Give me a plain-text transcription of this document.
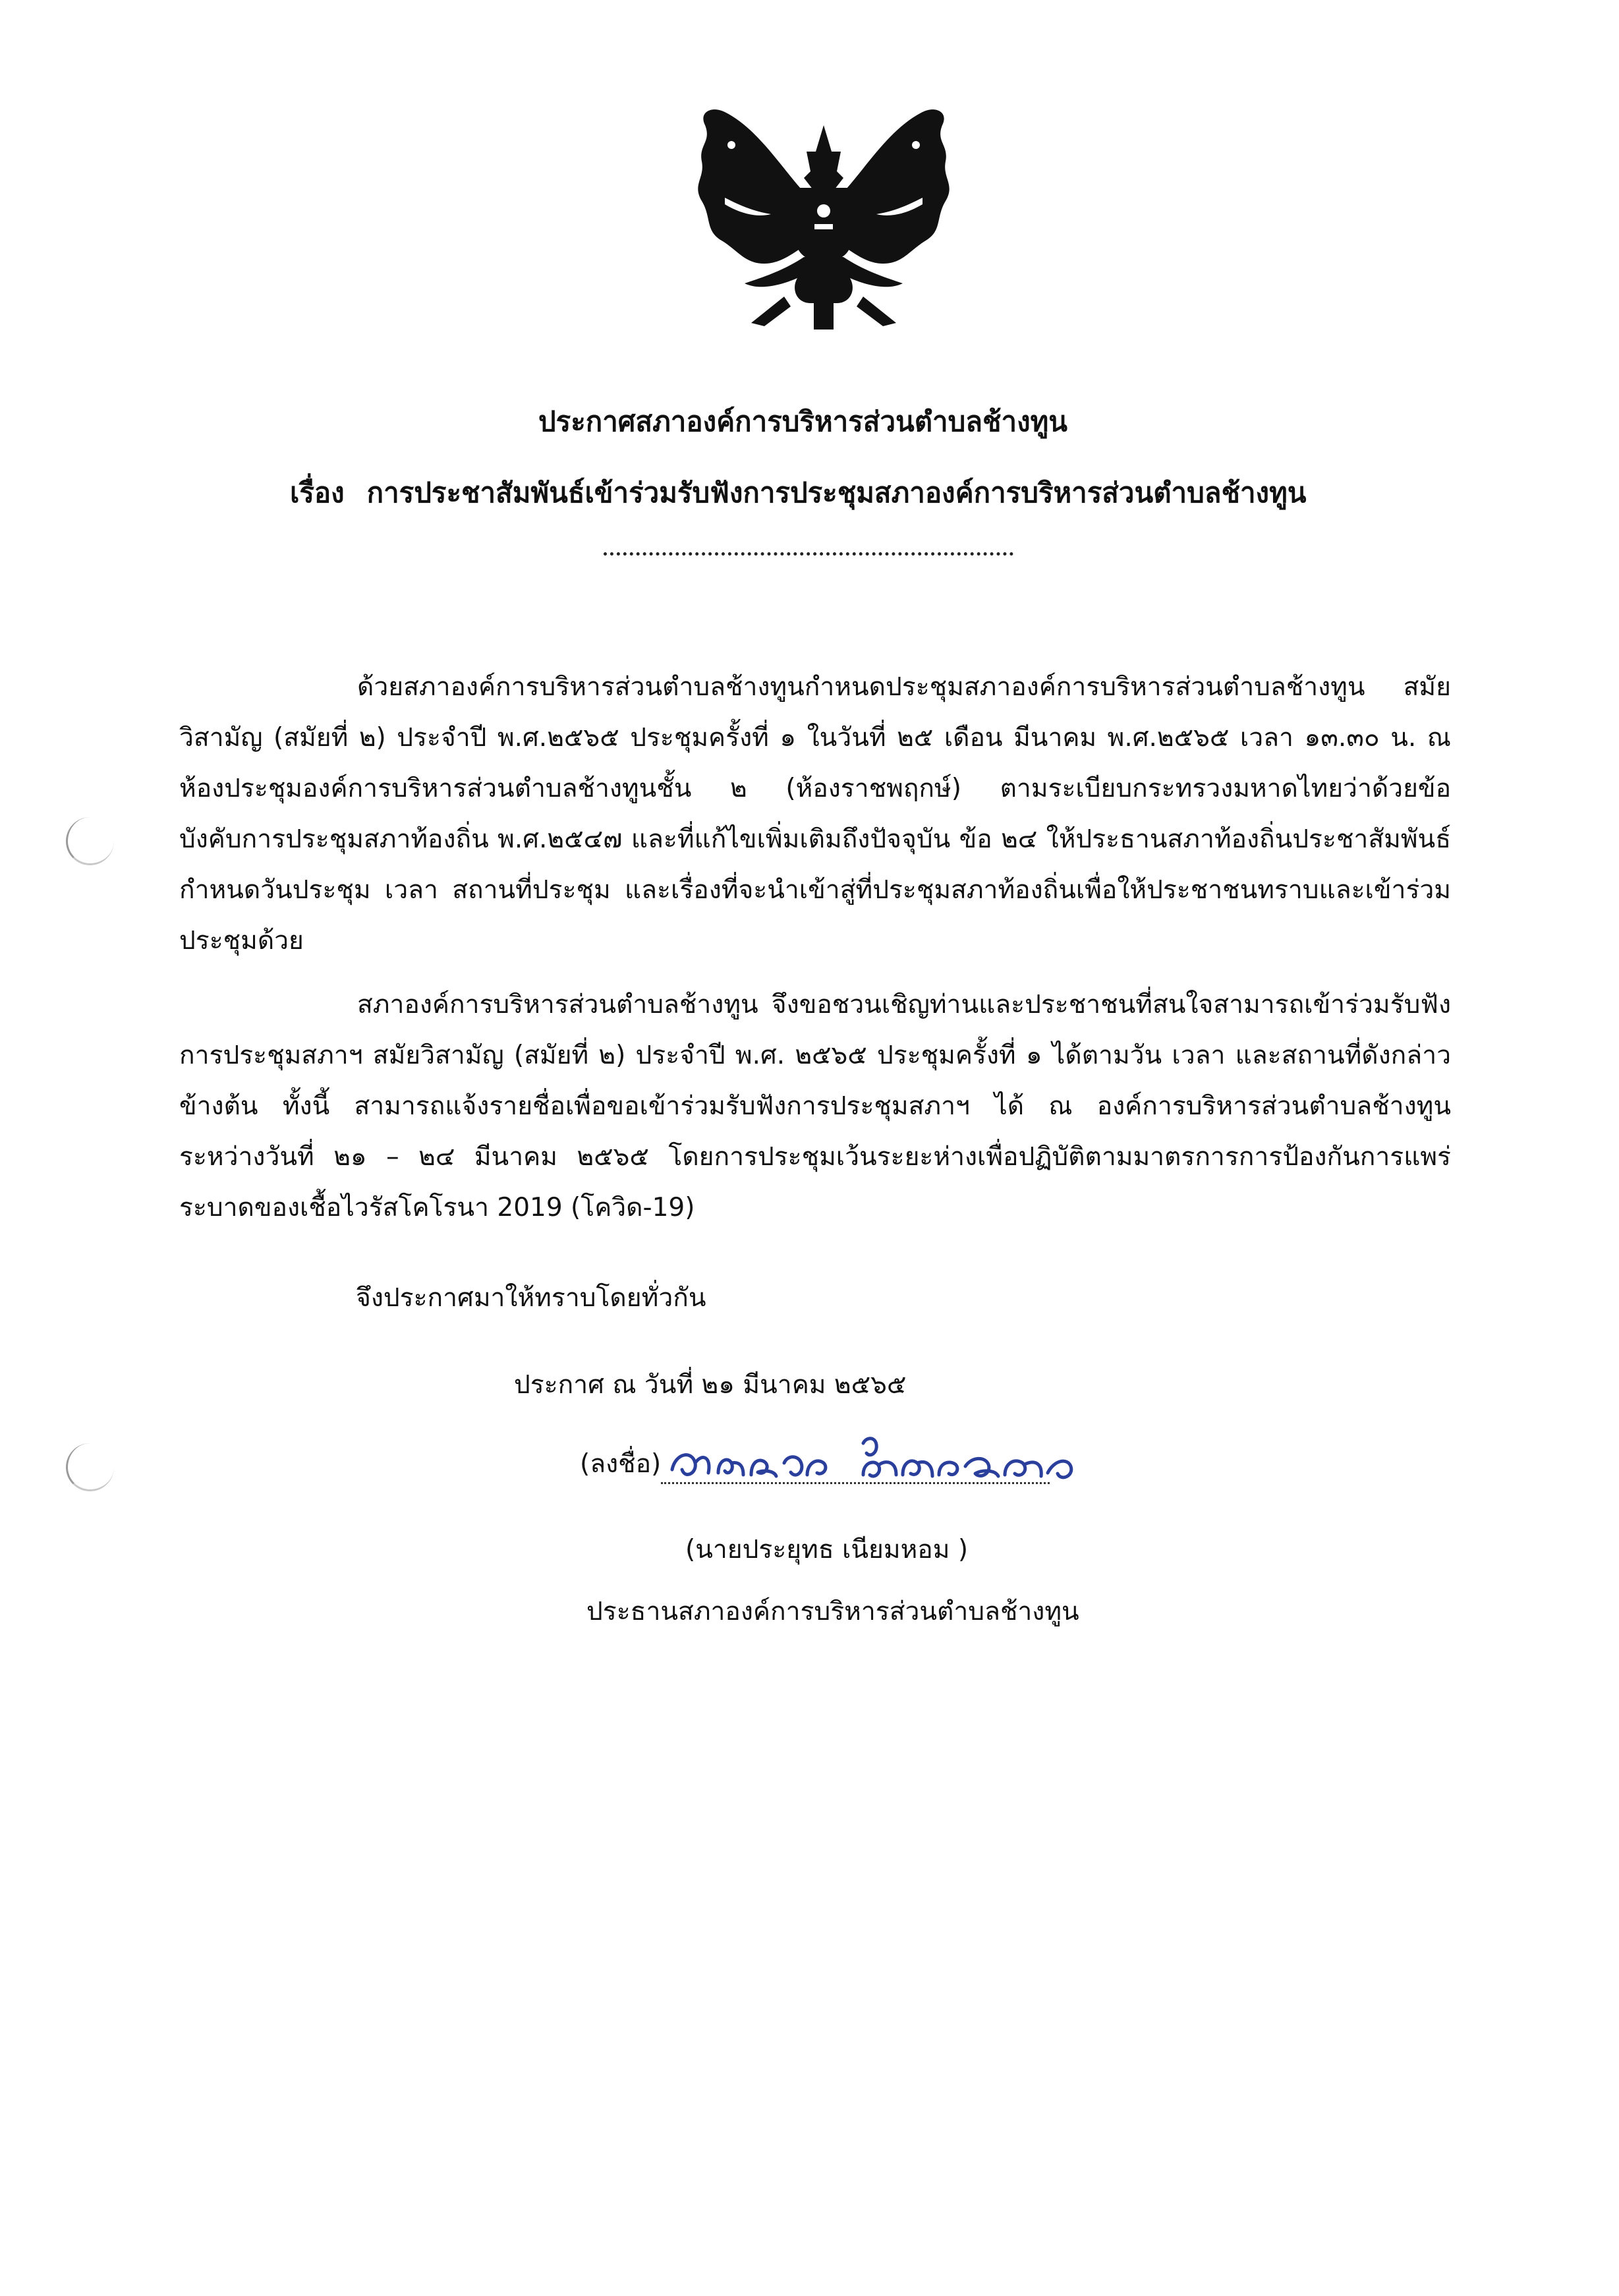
ประกาศสภาองค์การบริหารส่วนตำบลช้างทูน
เรื่อง การประชาสัมพันธ์เข้าร่วมรับฟังการประชุมสภาองค์การบริหารส่วนตำบลช้างทูน
ด้วยสภาองค์การบริหารส่วนตำบลช้างทูนกำหนดประชุมสภาองค์การบริหารส่วนตำบลช้างทูน สมัยวิสามัญ (สมัยที่ ๒) ประจำปี พ.ศ.๒๕๖๕ ประชุมครั้งที่ ๑ ในวันที่ ๒๕ เดือน มีนาคม พ.ศ.๒๕๖๕ เวลา ๑๓.๓๐ น. ณ ห้องประชุมองค์การบริหารส่วนตำบลช้างทูนชั้น ๒ (ห้องราชพฤกษ์) ตามระเบียบกระทรวงมหาดไทยว่าด้วยข้อบังคับการประชุมสภาท้องถิ่น พ.ศ.๒๕๔๗ และที่แก้ไขเพิ่มเติมถึงปัจจุบัน ข้อ ๒๔ ให้ประธานสภาท้องถิ่นประชาสัมพันธ์กำหนดวันประชุม เวลา สถานที่ประชุม และเรื่องที่จะนำเข้าสู่ที่ประชุมสภาท้องถิ่นเพื่อให้ประชาชนทราบและเข้าร่วมประชุมด้วย
สภาองค์การบริหารส่วนตำบลช้างทูน จึงขอชวนเชิญท่านและประชาชนที่สนใจสามารถเข้าร่วมรับฟังการประชุมสภาฯ สมัยวิสามัญ (สมัยที่ ๒) ประจำปี พ.ศ. ๒๕๖๕ ประชุมครั้งที่ ๑ ได้ตามวัน เวลา และสถานที่ดังกล่าวข้างต้น ทั้งนี้ สามารถแจ้งรายชื่อเพื่อขอเข้าร่วมรับฟังการประชุมสภาฯ ได้ ณ องค์การบริหารส่วนตำบลช้างทูน ระหว่างวันที่ ๒๑ – ๒๔ มีนาคม ๒๕๖๕ โดยการประชุมเว้นระยะห่างเพื่อปฏิบัติตามมาตรการการป้องกันการแพร่ระบาดของเชื้อไวรัสโคโรนา 2019 (โควิด-19)
จึงประกาศมาให้ทราบโดยทั่วกัน
ประกาศ ณ วันที่ ๒๑ มีนาคม ๒๕๖๕
(ลงชื่อ)
(นายประยุทธ เนียมหอม )
ประธานสภาองค์การบริหารส่วนตำบลช้างทูน
